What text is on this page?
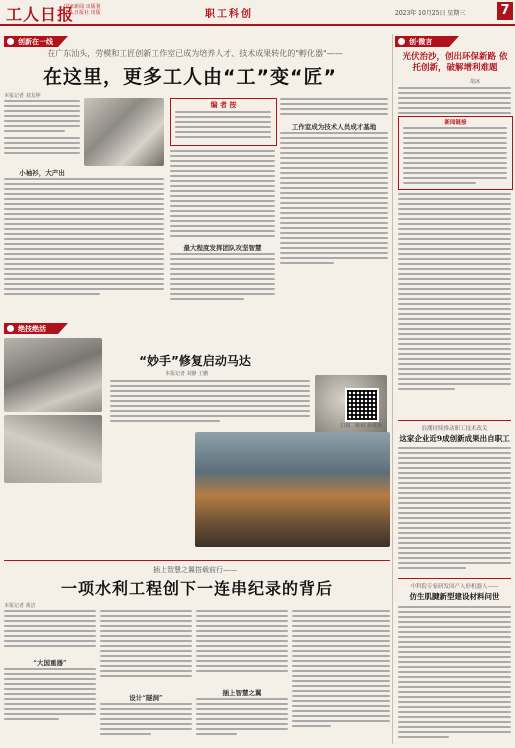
工人日报
国家新闻 出版署
工人日报社 出版	职工科创	2023年 10月25日 星期三	7
创新在一线
在广东汕头，劳模和工匠创新工作室已成为培养人才、技术成果转化的"孵化器"——
在这里，更多工人由“工”变“匠”
本报记者 刘友婷
小袖衫，大产出
编 者 按
最大程度发挥团队攻坚智慧
工作室成为技术人员成才基地
绝技绝活
“妙手”修复启动马达
本报记者 刘静 王鹏
扫描二维码 看视频
插上智慧之翼搭载前行——
一项水利工程创下一连串纪录的背后
本报记者 黄洁
“大国重器”
设计“隧洞”
插上智慧之翼
创·微言
光伏治沙，创出环保新路 依托创新，破解增利难题
胡冰
新闻链接
浪潮持续推动职工技术改关
这家企业近9成创新成果出自职工
中科院专家研发国产人形机器人——
仿生肌腱新型建设材料问世
